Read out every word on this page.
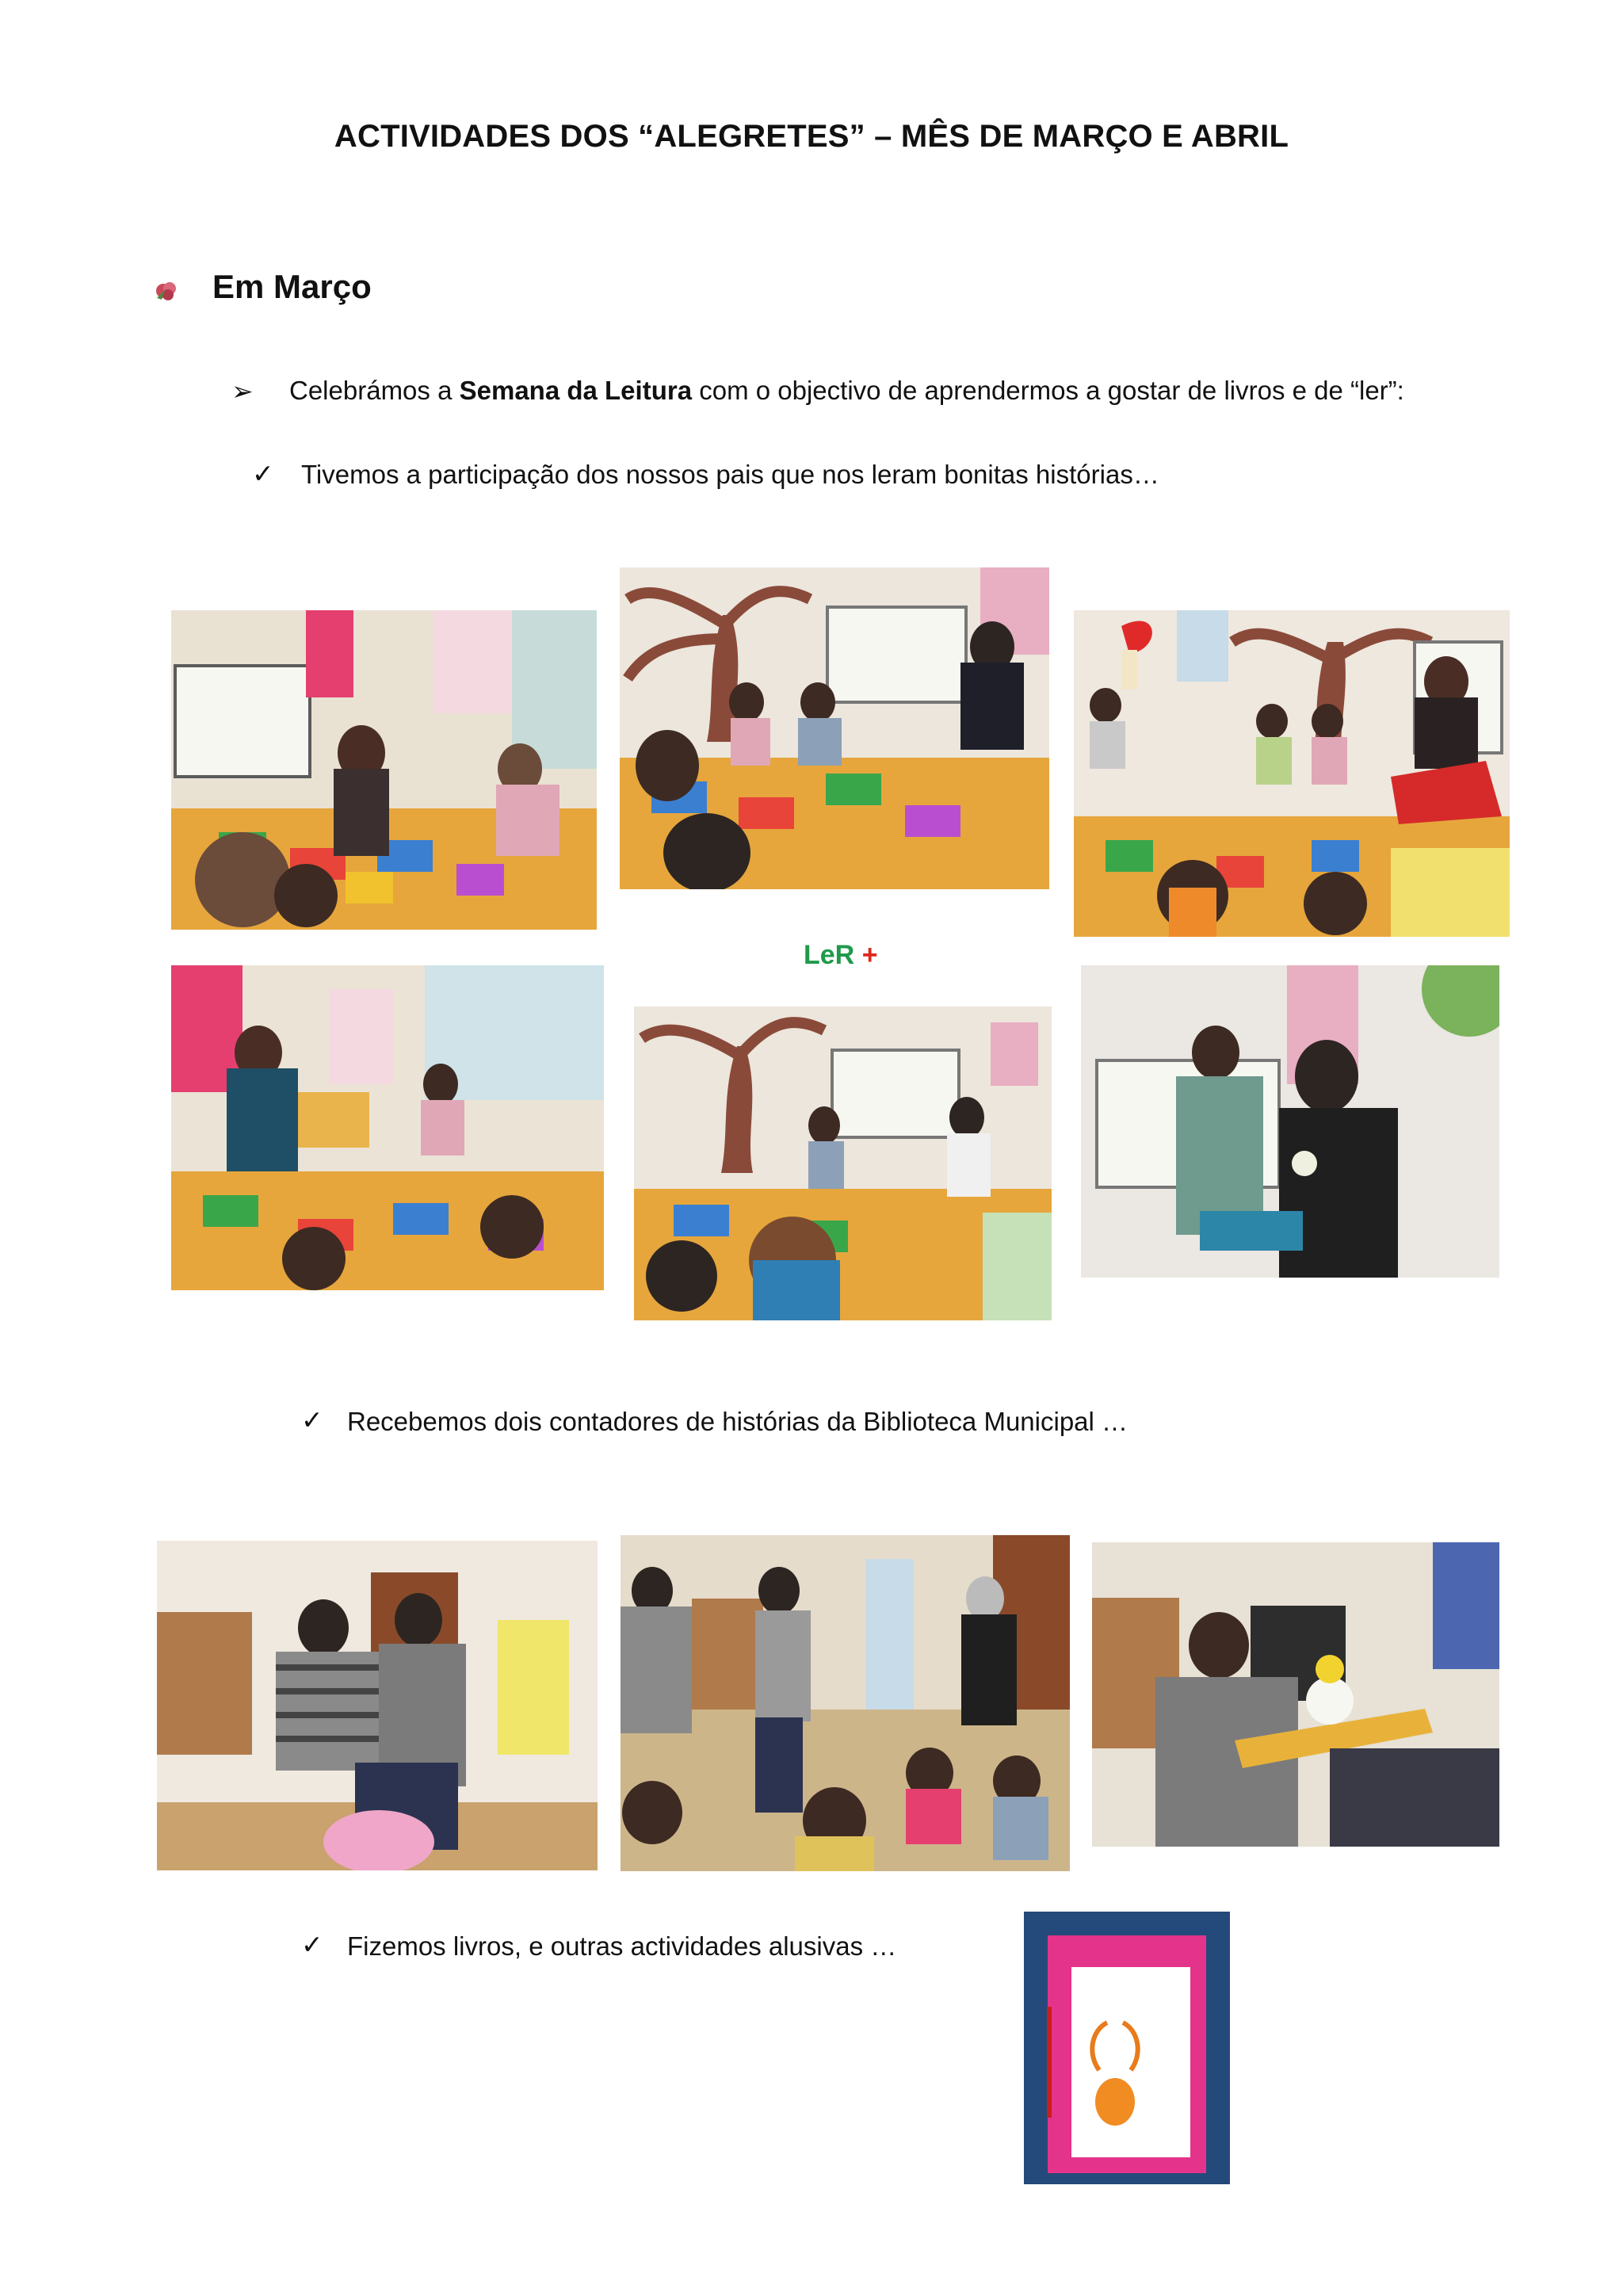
ACTIVIDADES DOS “ALEGRETES” – MÊS DE MARÇO E ABRIL
Em Março
➢ Celebrámos a Semana da Leitura com o objectivo de aprendermos a gostar de livros e de “ler”:
✓ Tivemos a participação dos nossos pais que nos leram bonitas histórias…
LeR +
✓ Recebemos dois contadores de histórias da Biblioteca Municipal …
✓ Fizemos livros, e outras actividades alusivas …
